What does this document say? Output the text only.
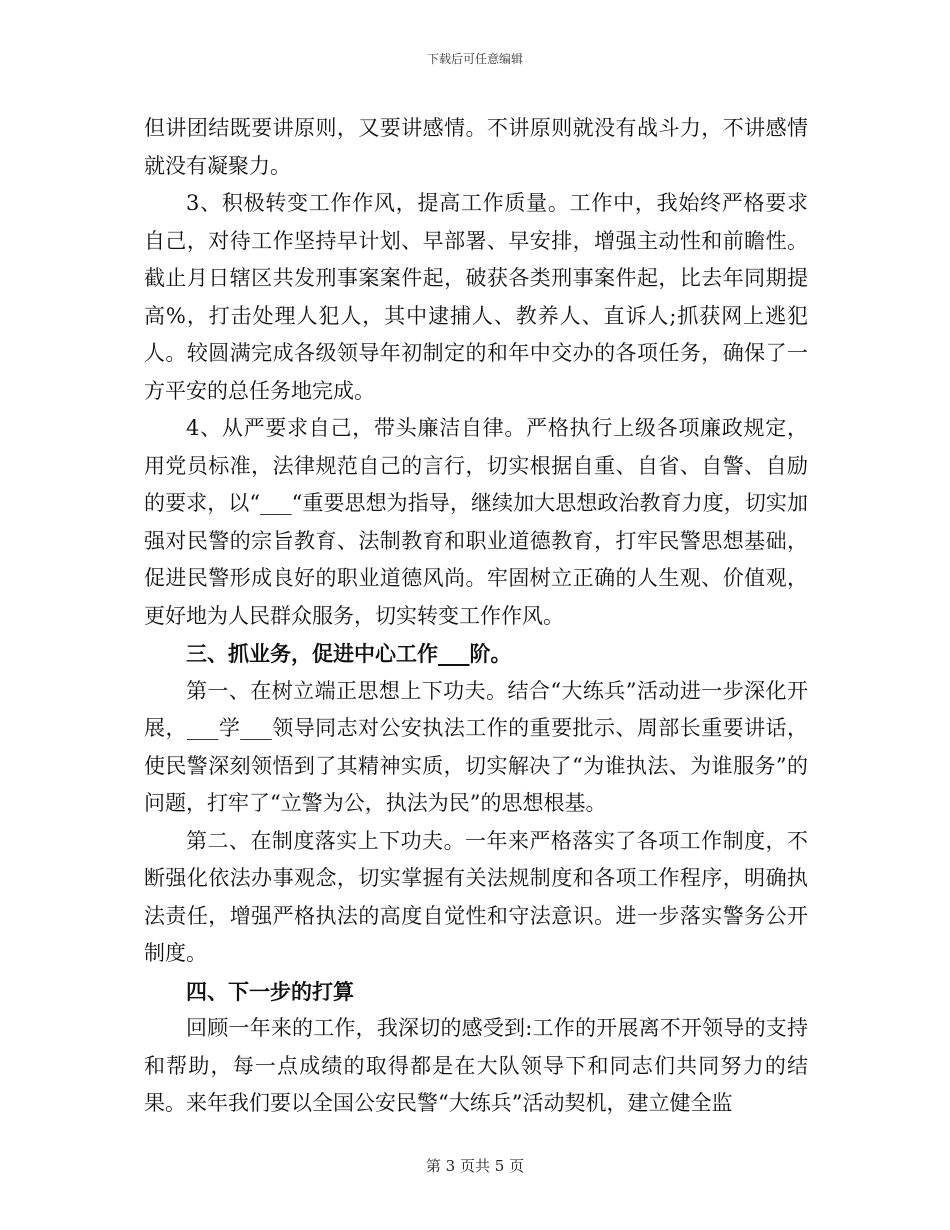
下载后可任意编辑

但讲团结既要讲原则，又要讲感情。不讲原则就没有战斗力，不讲感情就没有凝聚力。

3、积极转变工作作风，提高工作质量。工作中，我始终严格要求自己，对待工作坚持早计划、早部署、早安排，增强主动性和前瞻性。截止月日辖区共发刑事案案件起，破获各类刑事案件起，比去年同期提高%，打击处理人犯人，其中逮捕人、教养人、直诉人;抓获网上逃犯人。较圆满完成各级领导年初制定的和年中交办的各项任务，确保了一方平安的总任务地完成。

4、从严要求自己，带头廉洁自律。严格执行上级各项廉政规定，用党员标准，法律规范自己的言行，切实根据自重、自省、自警、自励的要求，以“___“重要思想为指导，继续加大思想政治教育力度，切实加强对民警的宗旨教育、法制教育和职业道德教育，打牢民警思想基础，促进民警形成良好的职业道德风尚。牢固树立正确的人生观、价值观，更好地为人民群众服务，切实转变工作作风。

三、抓业务，促进中心工作___阶。

第一、在树立端正思想上下功夫。结合“大练兵”活动进一步深化开展，___学___领导同志对公安执法工作的重要批示、周部长重要讲话，使民警深刻领悟到了其精神实质，切实解决了“为谁执法、为谁服务”的问题，打牢了“立警为公，执法为民”的思想根基。

第二、在制度落实上下功夫。一年来严格落实了各项工作制度，不断强化依法办事观念，切实掌握有关法规制度和各项工作程序，明确执法责任，增强严格执法的高度自觉性和守法意识。进一步落实警务公开制度。

四、下一步的打算

回顾一年来的工作，我深切的感受到:工作的开展离不开领导的支持和帮助，每一点成绩的取得都是在大队领导下和同志们共同努力的结果。来年我们要以全国公安民警“大练兵”活动契机，建立健全监

第 3 页共 5 页
